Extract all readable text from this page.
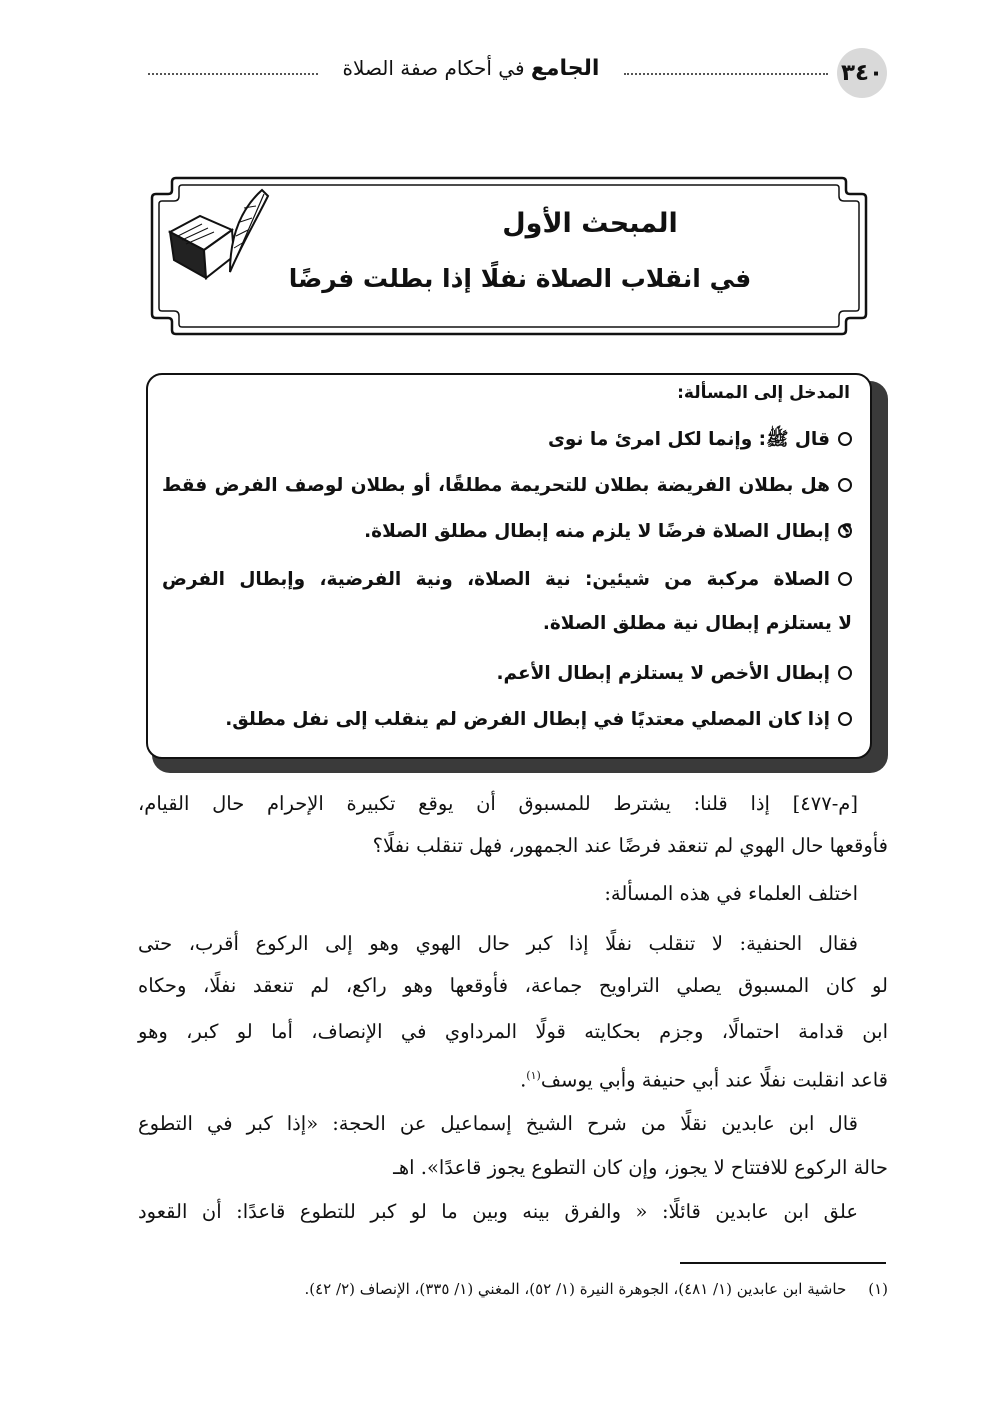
٣٤٠
الجامع في أحكام صفة الصلاة
المبحث الأول
في انقلاب الصلاة نفلًا إذا بطلت فرضًا
المدخل إلى المسألة:
قال ﷺ: وإنما لكل امرئ ما نوى
هل بطلان الفريضة بطلان للتحريمة مطلقًا، أو بطلان لوصف الفرض فقط ؟
إبطال الصلاة فرضًا لا يلزم منه إبطال مطلق الصلاة.
الصلاة مركبة من شيئين: نية الصلاة، ونية الفرضية، وإبطال الفرض
لا يستلزم إبطال نية مطلق الصلاة.
إبطال الأخص لا يستلزم إبطال الأعم.
إذا كان المصلي معتديًا في إبطال الفرض لم ينقلب إلى نفل مطلق.
[م-٤٧٧] إذا قلنا: يشترط للمسبوق أن يوقع تكبيرة الإحرام حال القيام،
فأوقعها حال الهوي لم تنعقد فرضًا عند الجمهور، فهل تنقلب نفلًا؟
اختلف العلماء في هذه المسألة:
فقال الحنفية: لا تنقلب نفلًا إذا كبر حال الهوي وهو إلى الركوع أقرب، حتى
لو كان المسبوق يصلي التراويح جماعة، فأوقعها وهو راكع، لم تنعقد نفلًا، وحكاه
ابن قدامة احتمالًا، وجزم بحكايته قولًا المرداوي في الإنصاف، أما لو كبر، وهو
قاعد انقلبت نفلًا عند أبي حنيفة وأبي يوسف$^{(١)}$.
قال ابن عابدين نقلًا من شرح الشيخ إسماعيل عن الحجة: «إذا كبر في التطوع
حالة الركوع للافتتاح لا يجوز، وإن كان التطوع يجوز قاعدًا». اهـ
علق ابن عابدين قائلًا: « والفرق بينه وبين ما لو كبر للتطوع قاعدًا: أن القعود
(١)حاشية ابن عابدين (١/ ٤٨١)، الجوهرة النيرة (١/ ٥٢)، المغني (١/ ٣٣٥)، الإنصاف (٢/ ٤٢).
